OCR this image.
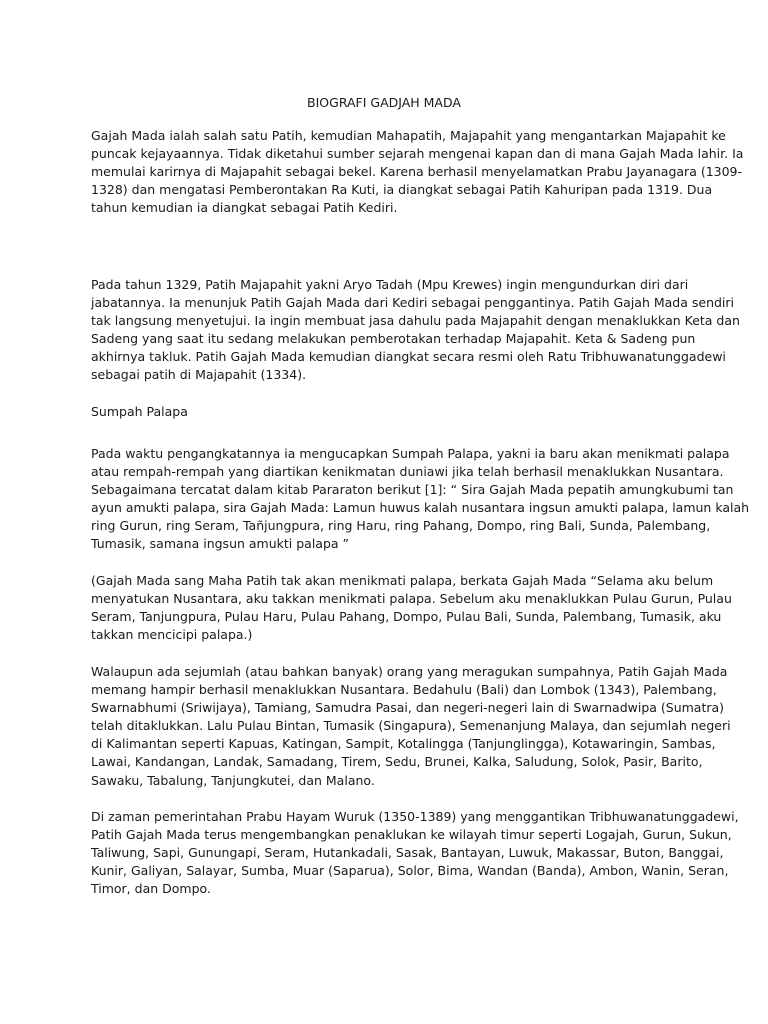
BIOGRAFI GADJAH MADA

Gajah Mada ialah salah satu Patih, kemudian Mahapatih, Majapahit yang mengantarkan Majapahit ke
puncak kejayaannya. Tidak diketahui sumber sejarah mengenai kapan dan di mana Gajah Mada lahir. Ia
memulai karirnya di Majapahit sebagai bekel. Karena berhasil menyelamatkan Prabu Jayanagara (1309-
1328) dan mengatasi Pemberontakan Ra Kuti, ia diangkat sebagai Patih Kahuripan pada 1319. Dua
tahun kemudian ia diangkat sebagai Patih Kediri.

Pada tahun 1329, Patih Majapahit yakni Aryo Tadah (Mpu Krewes) ingin mengundurkan diri dari
jabatannya. Ia menunjuk Patih Gajah Mada dari Kediri sebagai penggantinya. Patih Gajah Mada sendiri
tak langsung menyetujui. Ia ingin membuat jasa dahulu pada Majapahit dengan menaklukkan Keta dan
Sadeng yang saat itu sedang melakukan pemberotakan terhadap Majapahit. Keta & Sadeng pun
akhirnya takluk. Patih Gajah Mada kemudian diangkat secara resmi oleh Ratu Tribhuwanatunggadewi
sebagai patih di Majapahit (1334).

Sumpah Palapa

Pada waktu pengangkatannya ia mengucapkan Sumpah Palapa, yakni ia baru akan menikmati palapa
atau rempah-rempah yang diartikan kenikmatan duniawi jika telah berhasil menaklukkan Nusantara.
Sebagaimana tercatat dalam kitab Pararaton berikut [1]: “ Sira Gajah Mada pepatih amungkubumi tan
ayun amukti palapa, sira Gajah Mada: Lamun huwus kalah nusantara ingsun amukti palapa, lamun kalah
ring Gurun, ring Seram, Tañjungpura, ring Haru, ring Pahang, Dompo, ring Bali, Sunda, Palembang,
Tumasik, samana ingsun amukti palapa ”

(Gajah Mada sang Maha Patih tak akan menikmati palapa, berkata Gajah Mada “Selama aku belum
menyatukan Nusantara, aku takkan menikmati palapa. Sebelum aku menaklukkan Pulau Gurun, Pulau
Seram, Tanjungpura, Pulau Haru, Pulau Pahang, Dompo, Pulau Bali, Sunda, Palembang, Tumasik, aku
takkan mencicipi palapa.)

Walaupun ada sejumlah (atau bahkan banyak) orang yang meragukan sumpahnya, Patih Gajah Mada
memang hampir berhasil menaklukkan Nusantara. Bedahulu (Bali) dan Lombok (1343), Palembang,
Swarnabhumi (Sriwijaya), Tamiang, Samudra Pasai, dan negeri-negeri lain di Swarnadwipa (Sumatra)
telah ditaklukkan. Lalu Pulau Bintan, Tumasik (Singapura), Semenanjung Malaya, dan sejumlah negeri
di Kalimantan seperti Kapuas, Katingan, Sampit, Kotalingga (Tanjunglingga), Kotawaringin, Sambas,
Lawai, Kandangan, Landak, Samadang, Tirem, Sedu, Brunei, Kalka, Saludung, Solok, Pasir, Barito,
Sawaku, Tabalung, Tanjungkutei, dan Malano.

Di zaman pemerintahan Prabu Hayam Wuruk (1350-1389) yang menggantikan Tribhuwanatunggadewi,
Patih Gajah Mada terus mengembangkan penaklukan ke wilayah timur seperti Logajah, Gurun, Sukun,
Taliwung, Sapi, Gunungapi, Seram, Hutankadali, Sasak, Bantayan, Luwuk, Makassar, Buton, Banggai,
Kunir, Galiyan, Salayar, Sumba, Muar (Saparua), Solor, Bima, Wandan (Banda), Ambon, Wanin, Seran,
Timor, dan Dompo.
